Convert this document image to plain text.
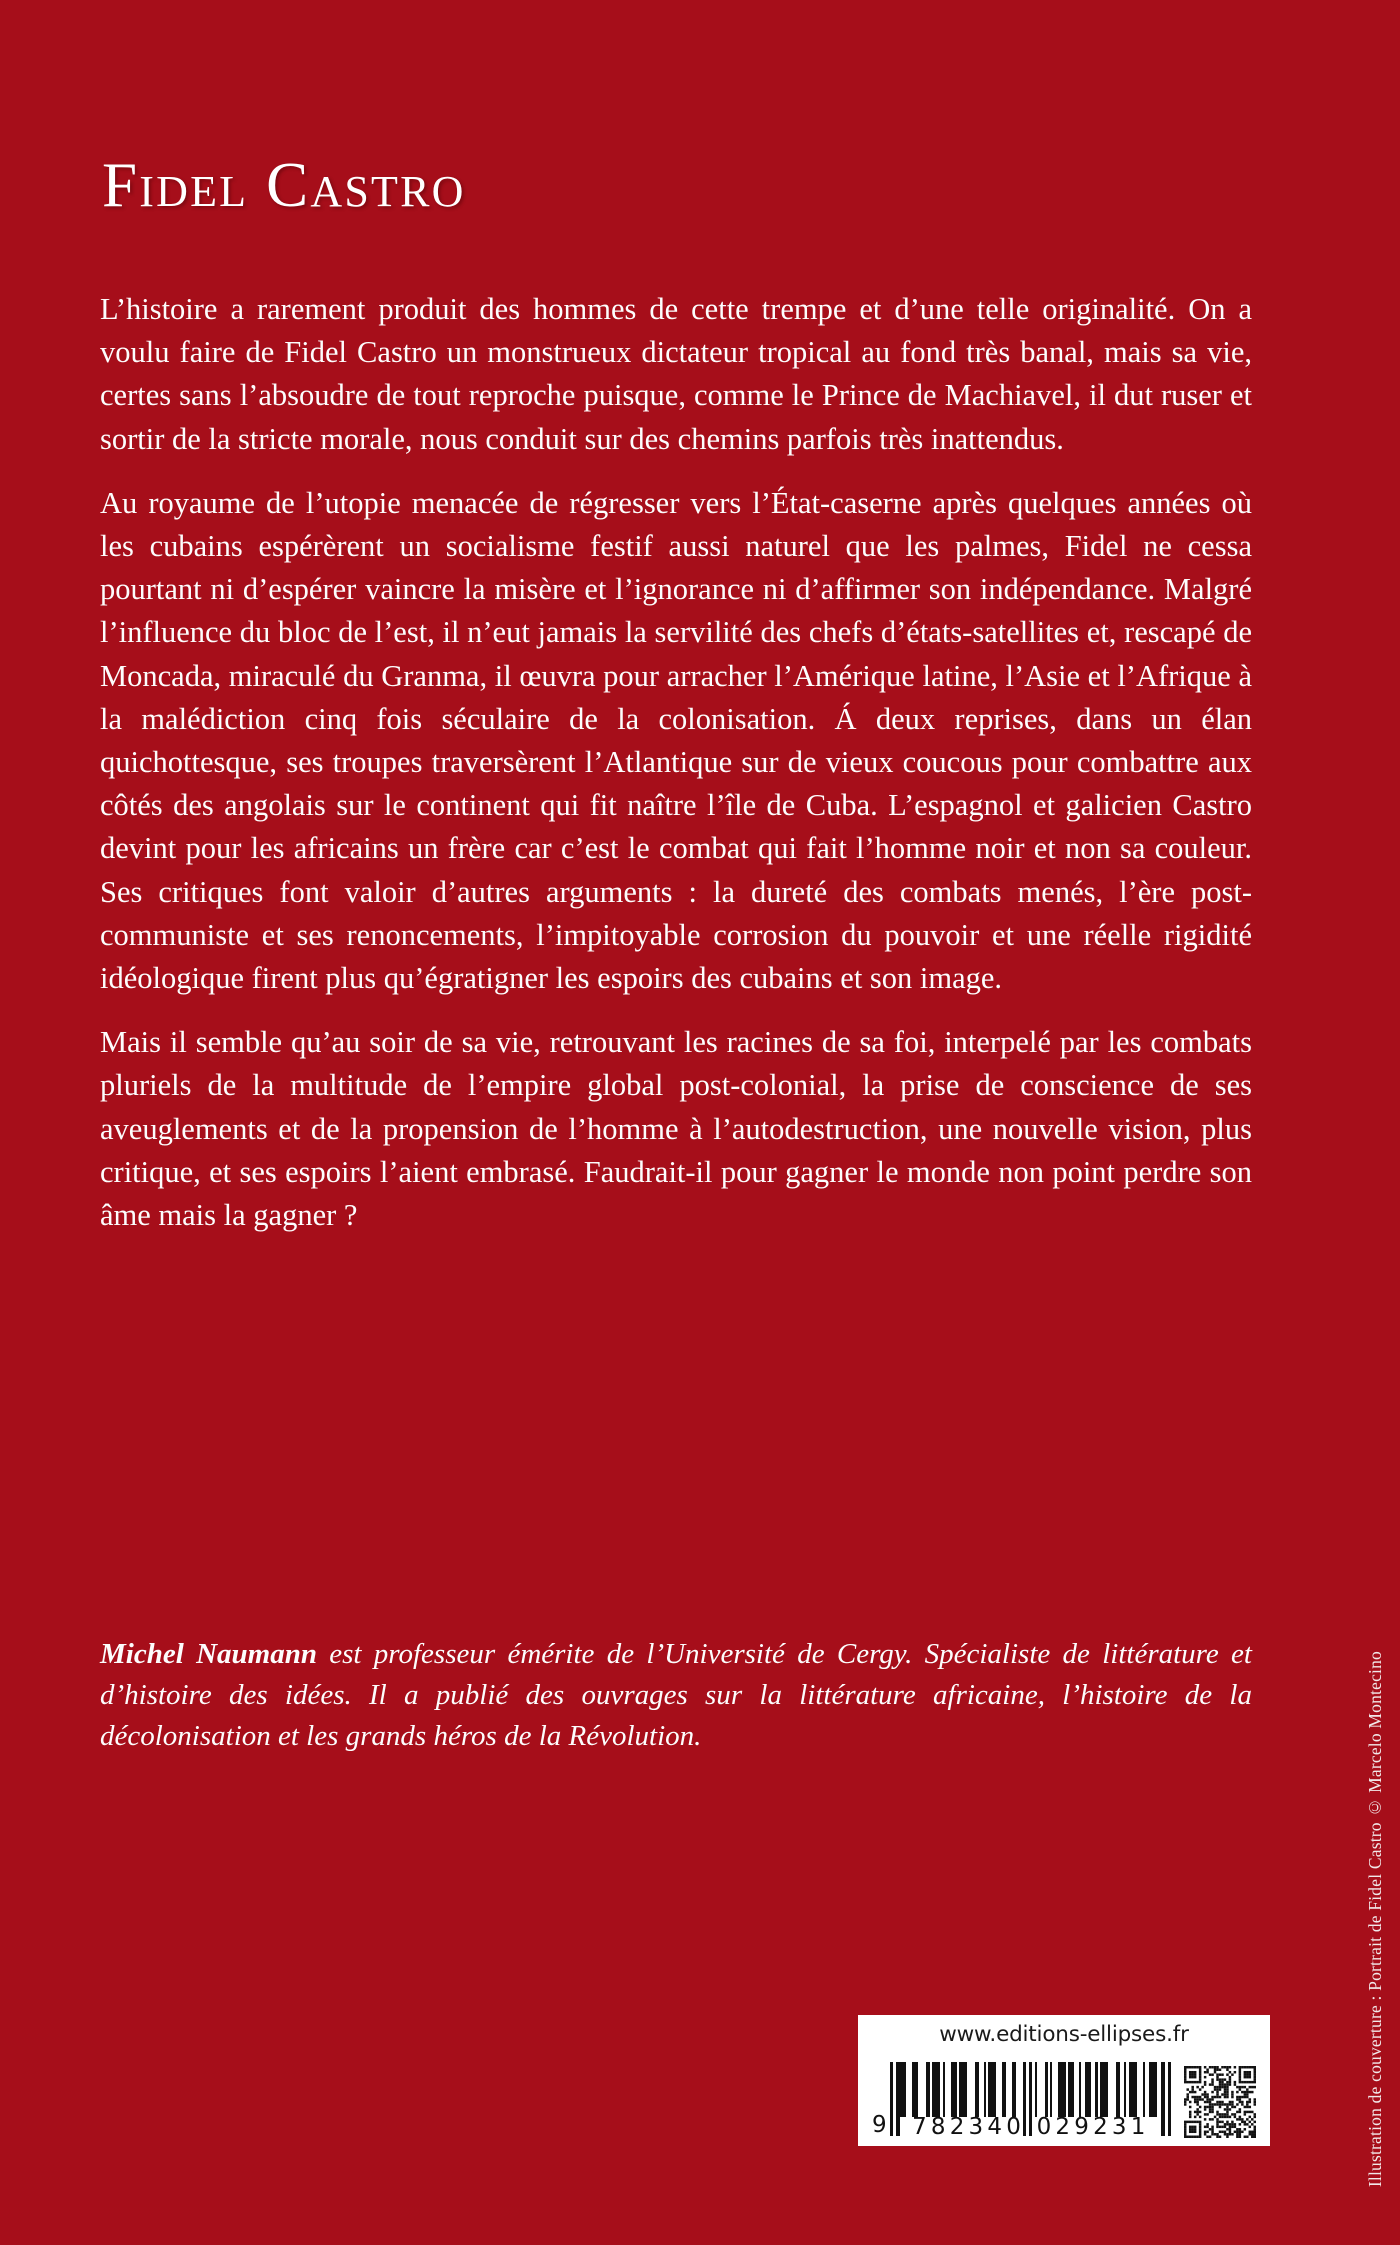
Fidel Castro

L’histoire a rarement produit des hommes de cette trempe et d’une telle originalité. On a voulu faire de Fidel Castro un monstrueux dictateur tropical au fond très banal, mais sa vie, certes sans l’absoudre de tout reproche puisque, comme le Prince de Machiavel, il dut ruser et sortir de la stricte morale, nous conduit sur des chemins parfois très inattendus.

Au royaume de l’utopie menacée de régresser vers l’État-caserne après quelques années où les cubains espérèrent un socialisme festif aussi naturel que les palmes, Fidel ne cessa pourtant ni d’espérer vaincre la misère et l’ignorance ni d’affirmer son indépendance. Malgré l’influence du bloc de l’est, il n’eut jamais la servilité des chefs d’états-satellites et, rescapé de Moncada, miraculé du Granma, il œuvra pour arracher l’Amérique latine, l’Asie et l’Afrique à la malédiction cinq fois séculaire de la colonisation. Á deux reprises, dans un élan quichottesque, ses troupes traversèrent l’Atlantique sur de vieux coucous pour combattre aux côtés des angolais sur le continent qui fit naître l’île de Cuba. L’espagnol et galicien Castro devint pour les africains un frère car c’est le combat qui fait l’homme noir et non sa couleur. Ses critiques font valoir d’autres arguments : la dureté des combats menés, l’ère post-communiste et ses renoncements, l’impitoyable corrosion du pouvoir et une réelle rigidité idéologique firent plus qu’égratigner les espoirs des cubains et son image.

Mais il semble qu’au soir de sa vie, retrouvant les racines de sa foi, interpelé par les combats pluriels de la multitude de l’empire global post-colonial, la prise de conscience de ses aveuglements et de la propension de l’homme à l’autodestruction, une nouvelle vision, plus critique, et ses espoirs l’aient embrasé. Faudrait-il pour gagner le monde non point perdre son âme mais la gagner ?

Michel Naumann est professeur émérite de l’Université de Cergy. Spécialiste de littérature et d’histoire des idées. Il a publié des ouvrages sur la littérature africaine, l’histoire de la décolonisation et les grands héros de la Révolution.	Illustration de couverture : Portrait de Fidel Castro © Marcelo Montecino
www.editions-ellipses.fr
9	782340 029231
